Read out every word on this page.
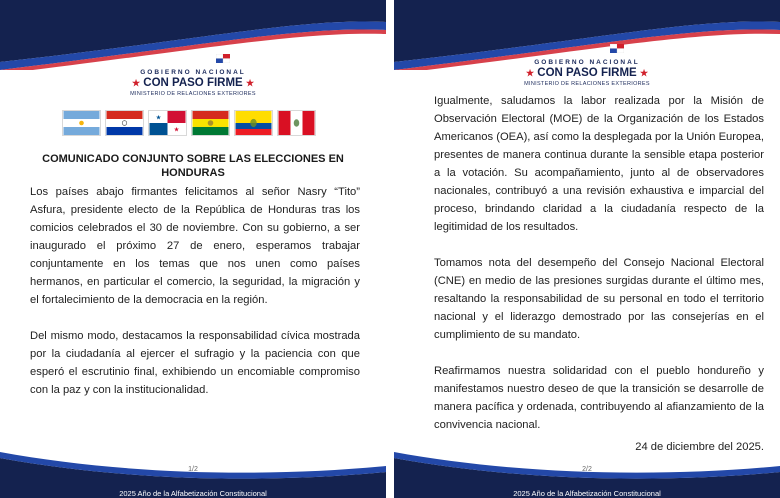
GOBIERNO NACIONAL
★ CON PASO FIRME ★
MINISTERIO DE RELACIONES EXTERIORES
★
★
COMUNICADO CONJUNTO SOBRE LAS ELECCIONES EN HONDURAS

Los países abajo firmantes felicitamos al señor Nasry “Tito” Asfura, presidente electo de la República de Honduras tras los comicios celebrados el 30 de noviembre. Con su gobierno, a ser inaugurado el próximo 27 de enero, esperamos trabajar conjuntamente en los temas que nos unen como países hermanos, en particular el comercio, la seguridad, la migración y el fortalecimiento de la democracia en la región.

Del mismo modo, destacamos la responsabilidad cívica mostrada por la ciudadanía al ejercer el sufragio y la paciencia con que esperó el escrutinio final, exhibiendo un encomiable compromiso con la paz y con la institucionalidad.

1/2
2025 Año de la Alfabetización Constitucional
GOBIERNO NACIONAL
★ CON PASO FIRME ★
MINISTERIO DE RELACIONES EXTERIORES

Igualmente, saludamos la labor realizada por la Misión de Observación Electoral (MOE) de la Organización de los Estados Americanos (OEA), así como la desplegada por la Unión Europea, presentes de manera continua durante la sensible etapa posterior a la votación. Su acompañamiento, junto al de observadores nacionales, contribuyó a una revisión exhaustiva e imparcial del proceso, brindando claridad a la ciudadanía respecto de la legitimidad de los resultados.

Tomamos nota del desempeño del Consejo Nacional Electoral (CNE) en medio de las presiones surgidas durante el último mes, resaltando la responsabilidad de su personal en todo el territorio nacional y el liderazgo demostrado por las consejerías en el cumplimiento de su mandato.

Reafirmamos nuestra solidaridad con el pueblo hondureño y manifestamos nuestro deseo de que la transición se desarrolle de manera pacífica y ordenada, contribuyendo al afianzamiento de la convivencia nacional.

24 de diciembre del 2025.

2/2
2025 Año de la Alfabetización Constitucional
